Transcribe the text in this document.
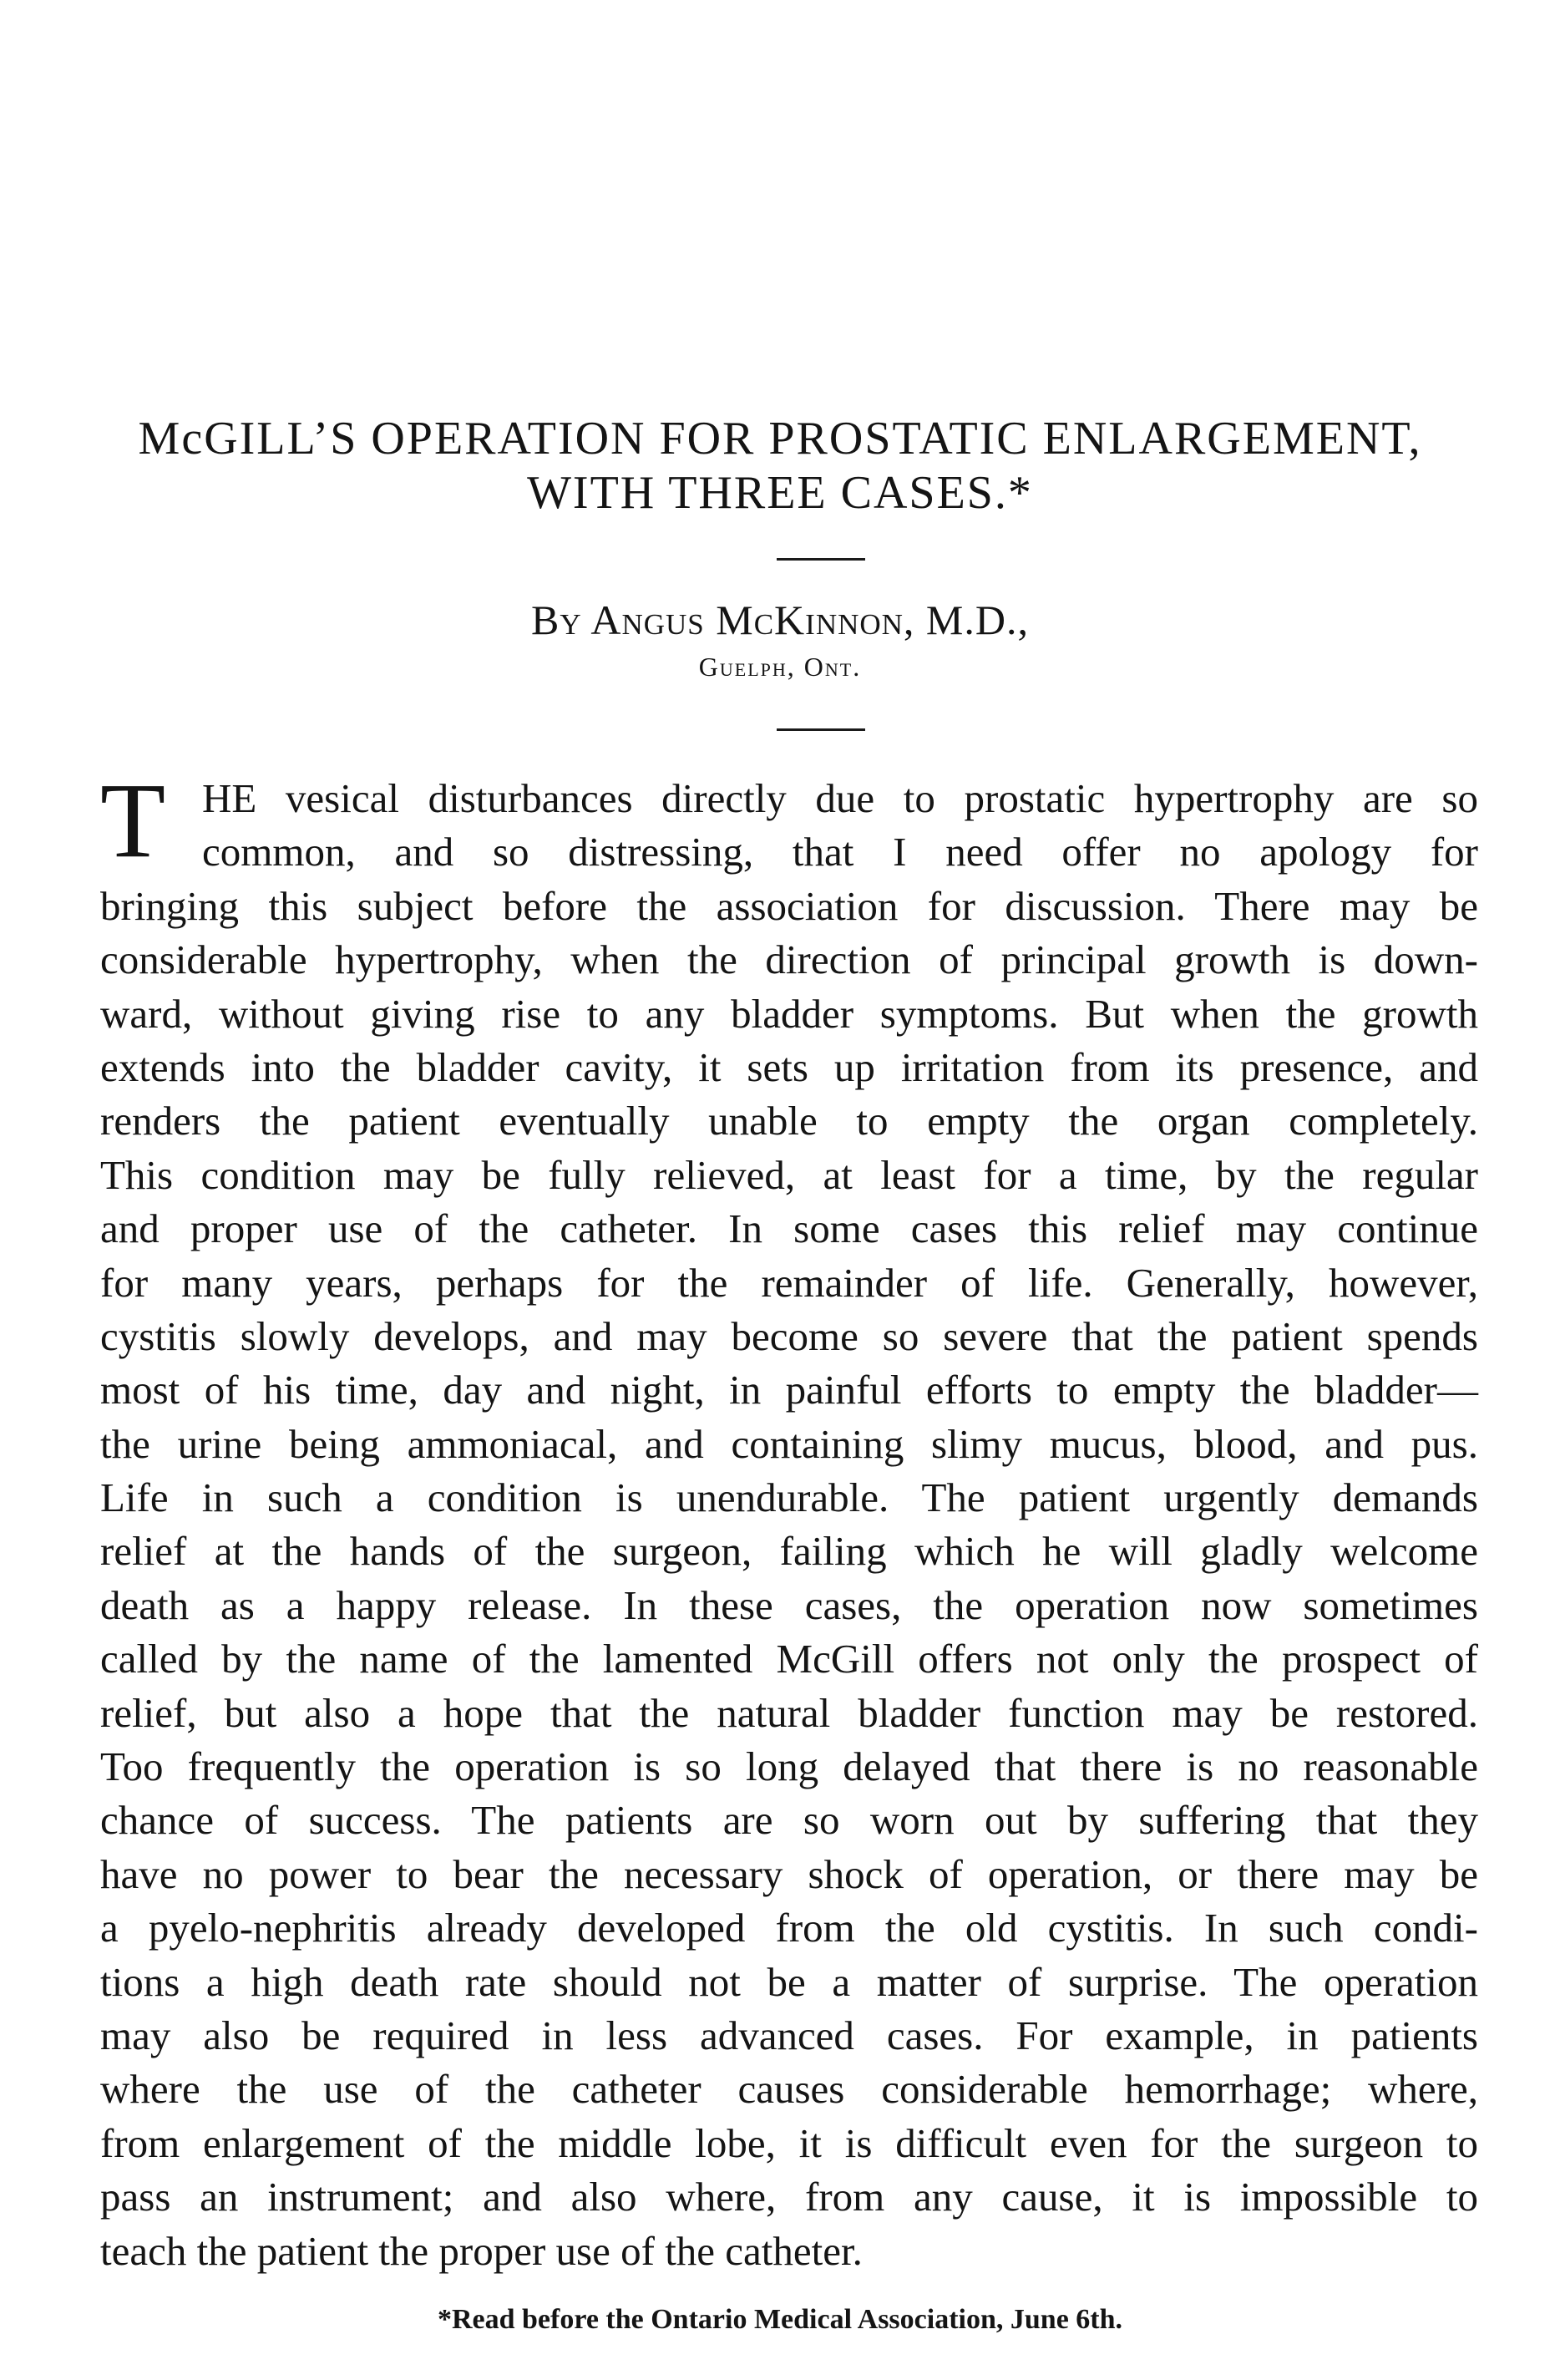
McGILL’S OPERATION FOR PROSTATIC ENLARGEMENT,
WITH THREE CASES.*
By Angus McKinnon, M.D.,
Guelph, Ont.
T HE vesical disturbances directly due to prostatic hypertrophy are so
common, and so distressing, that I need offer no apology for
bringing this subject before the association for discussion. There may be
considerable hypertrophy, when the direction of principal growth is down-
ward, without giving rise to any bladder symptoms. But when the growth
extends into the bladder cavity, it sets up irritation from its presence, and
renders the patient eventually unable to empty the organ completely.
This condition may be fully relieved, at least for a time, by the regular
and proper use of the catheter. In some cases this relief may continue
for many years, perhaps for the remainder of life. Generally, however,
cystitis slowly develops, and may become so severe that the patient spends
most of his time, day and night, in painful efforts to empty the bladder—
the urine being ammoniacal, and containing slimy mucus, blood, and pus.
Life in such a condition is unendurable. The patient urgently demands
relief at the hands of the surgeon, failing which he will gladly welcome
death as a happy release. In these cases, the operation now sometimes
called by the name of the lamented McGill offers not only the prospect of
relief, but also a hope that the natural bladder function may be restored.
Too frequently the operation is so long delayed that there is no reasonable
chance of success. The patients are so worn out by suffering that they
have no power to bear the necessary shock of operation, or there may be
a pyelo-nephritis already developed from the old cystitis. In such condi-
tions a high death rate should not be a matter of surprise. The operation
may also be required in less advanced cases. For example, in patients
where the use of the catheter causes considerable hemorrhage; where,
from enlargement of the middle lobe, it is difficult even for the surgeon to
pass an instrument; and also where, from any cause, it is impossible to
teach the patient the proper use of the catheter.
*Read before the Ontario Medical Association, June 6th.
